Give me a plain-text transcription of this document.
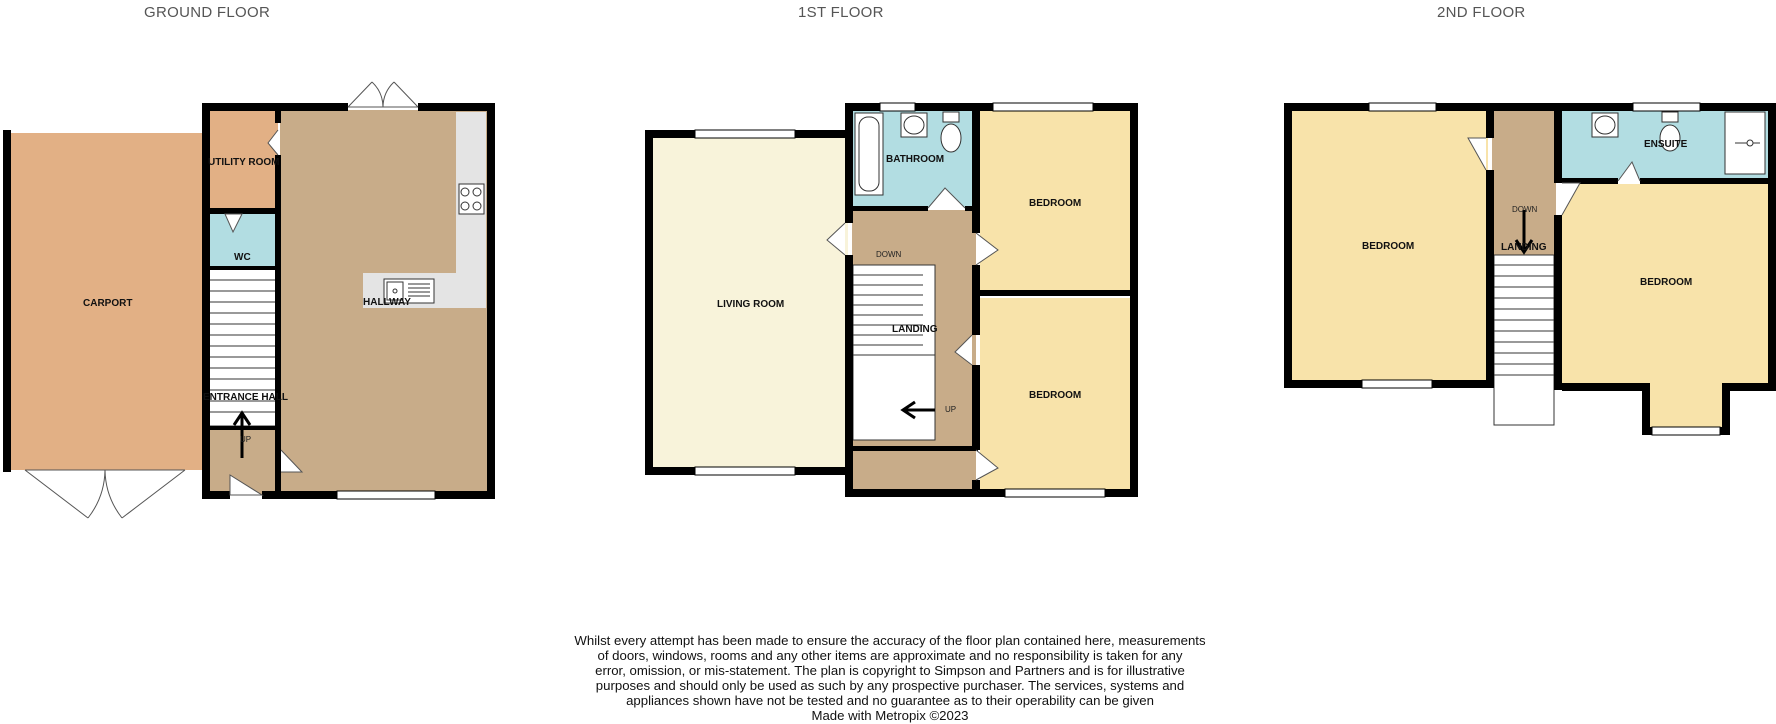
GROUND FLOOR	1ST FLOOR	2ND FLOOR
CARPORT
UTILITY ROOM
WC
HALLWAY
ENTRANCE HALL
UP
LIVING ROOM
BATHROOM
BEDROOM
BEDROOM
LANDING
DOWN
UP
BEDROOM
BEDROOM
ENSUITE
LANDING
DOWN
Whilst every attempt has been made to ensure the accuracy of the floor plan contained here, measurements
of doors, windows, rooms and any other items are approximate and no responsibility is taken for any
error, omission, or mis-statement. The plan is copyright to Simpson and Partners and is for illustrative
purposes and should only be used as such by any prospective purchaser. The services, systems and
appliances shown have not be tested and no guarantee as to their operability can be given
Made with Metropix ©2023
